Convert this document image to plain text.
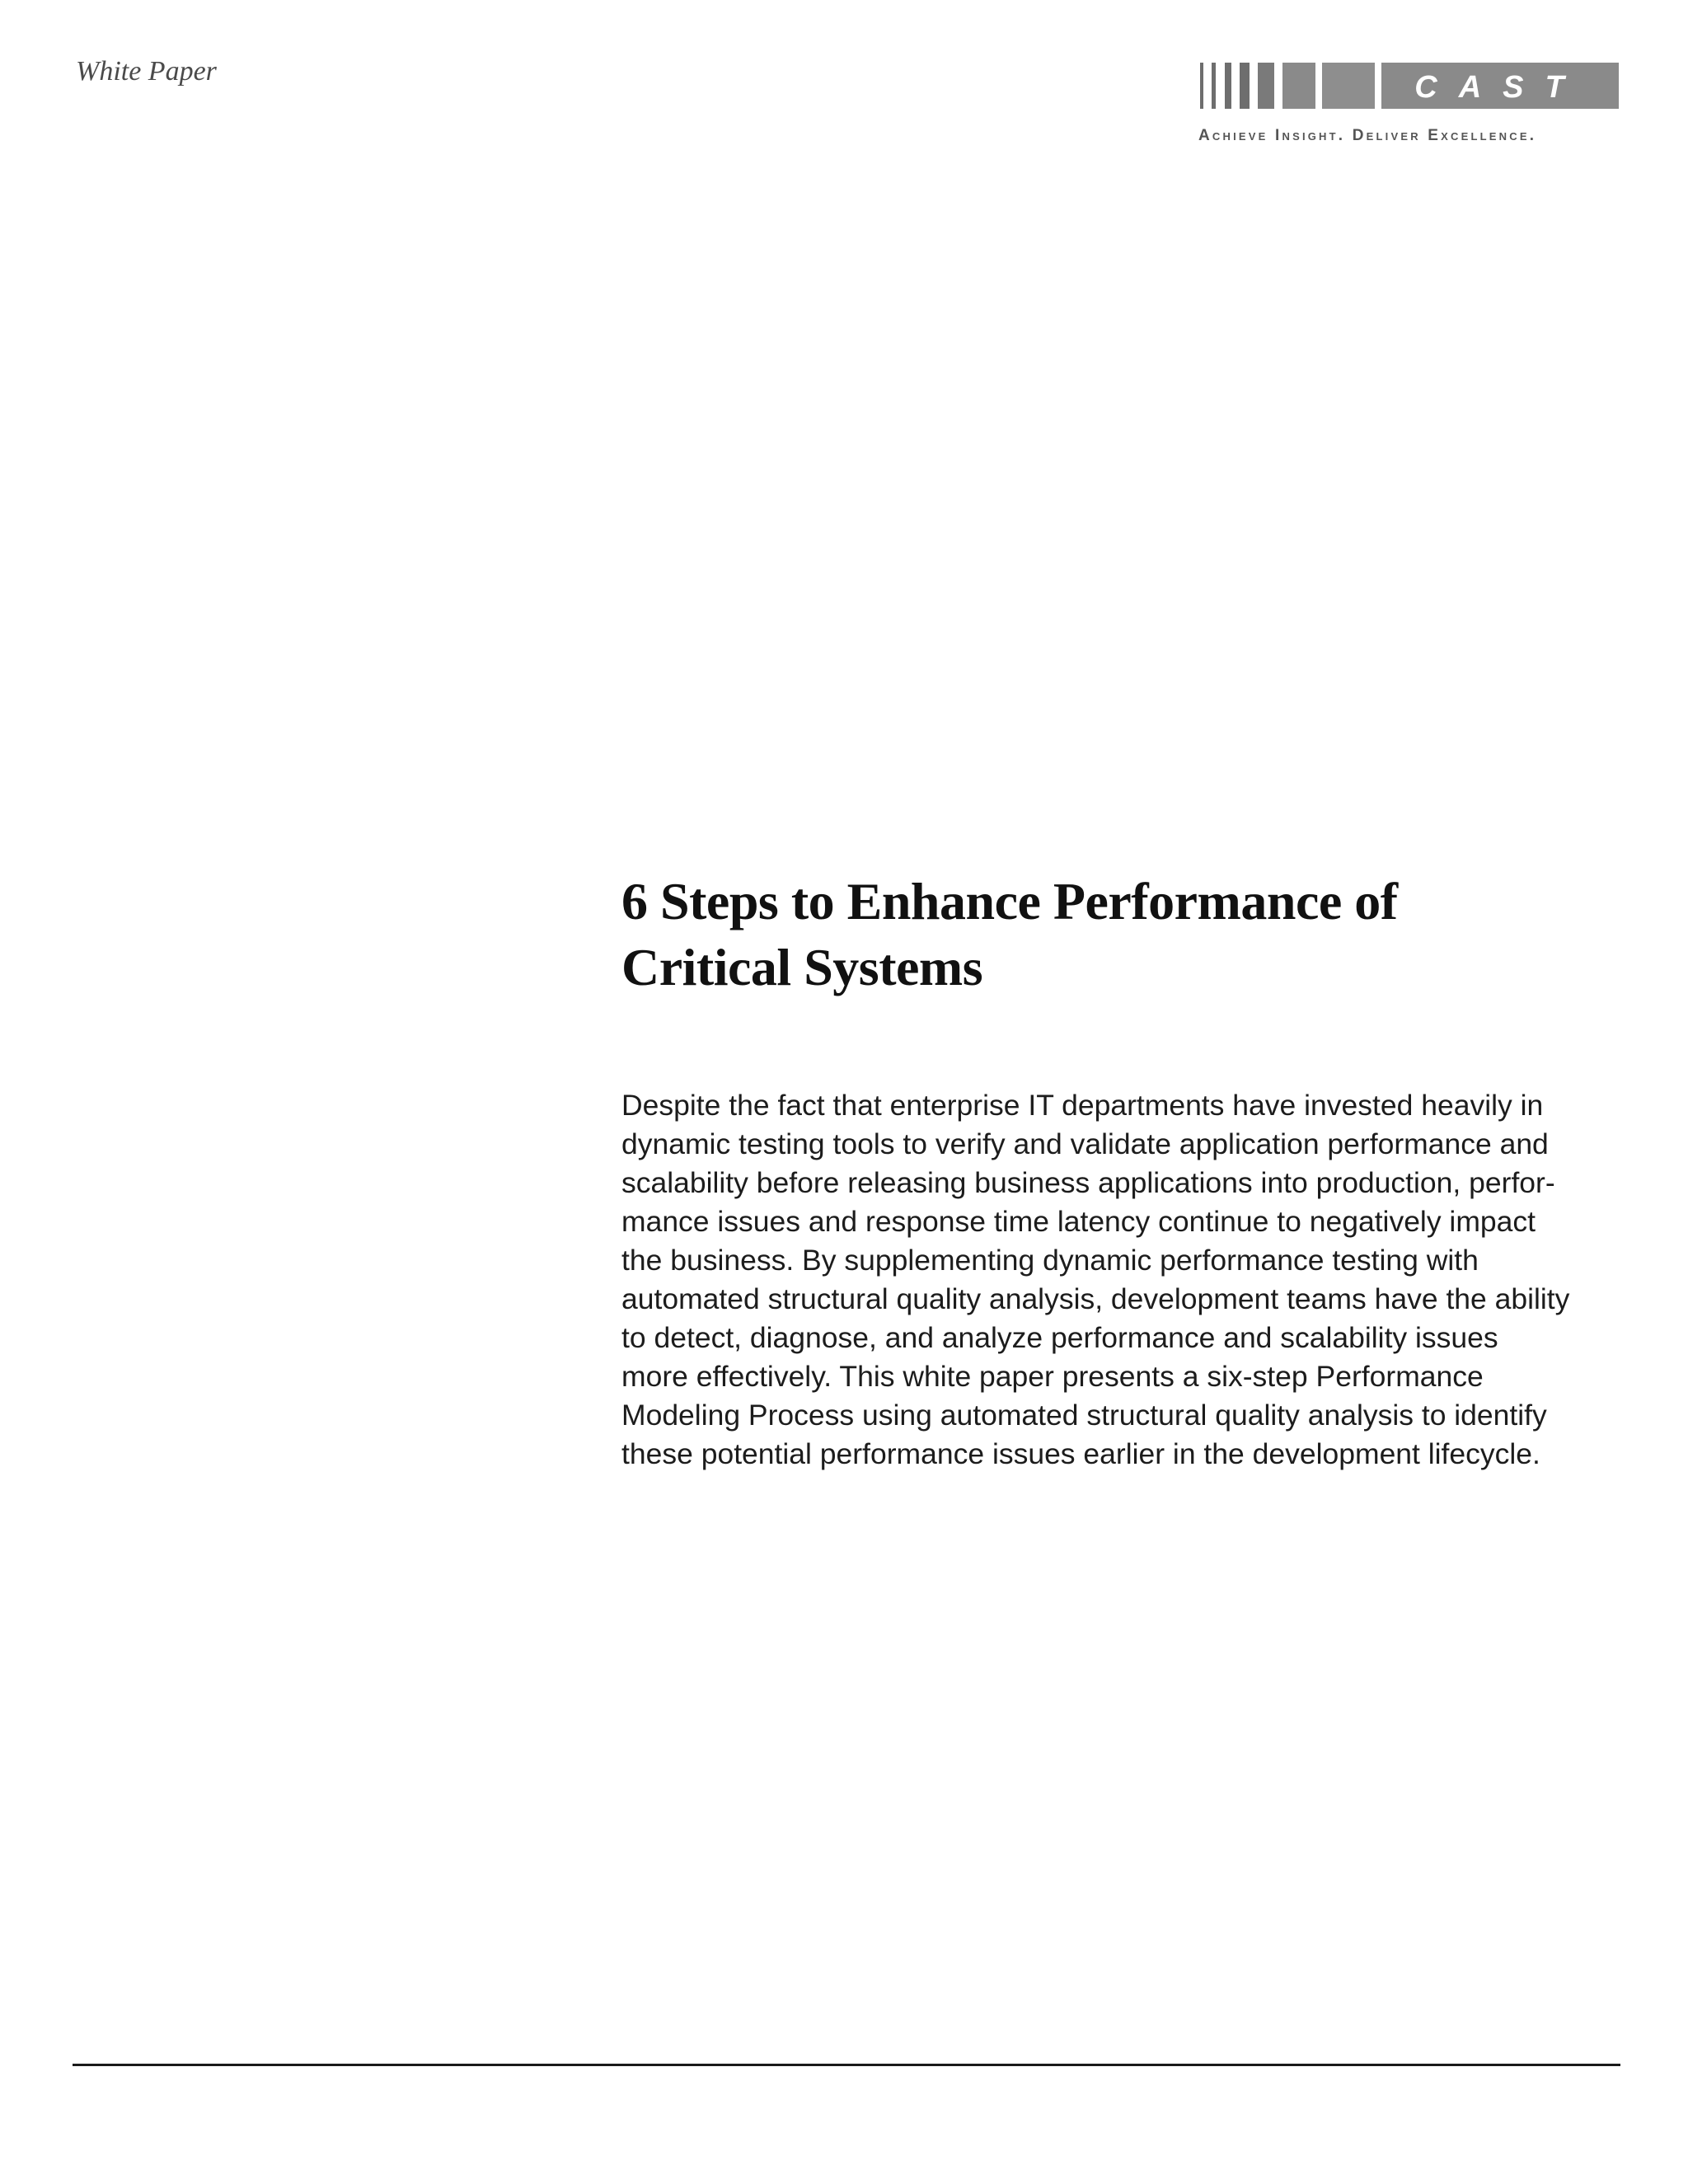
White Paper	CAST
Achieve Insight. Deliver Excellence.
6 Steps to Enhance Performance of
Critical Systems
Despite the fact that enterprise IT departments have invested heavily in
dynamic testing tools to verify and validate application performance and
scalability before releasing business applications into production, perfor-
mance issues and response time latency continue to negatively impact
the business. By supplementing dynamic performance testing with
automated structural quality analysis, development teams have the ability
to detect, diagnose, and analyze performance and scalability issues
more effectively. This white paper presents a six-step Performance
Modeling Process using automated structural quality analysis to identify
these potential performance issues earlier in the development lifecycle.
